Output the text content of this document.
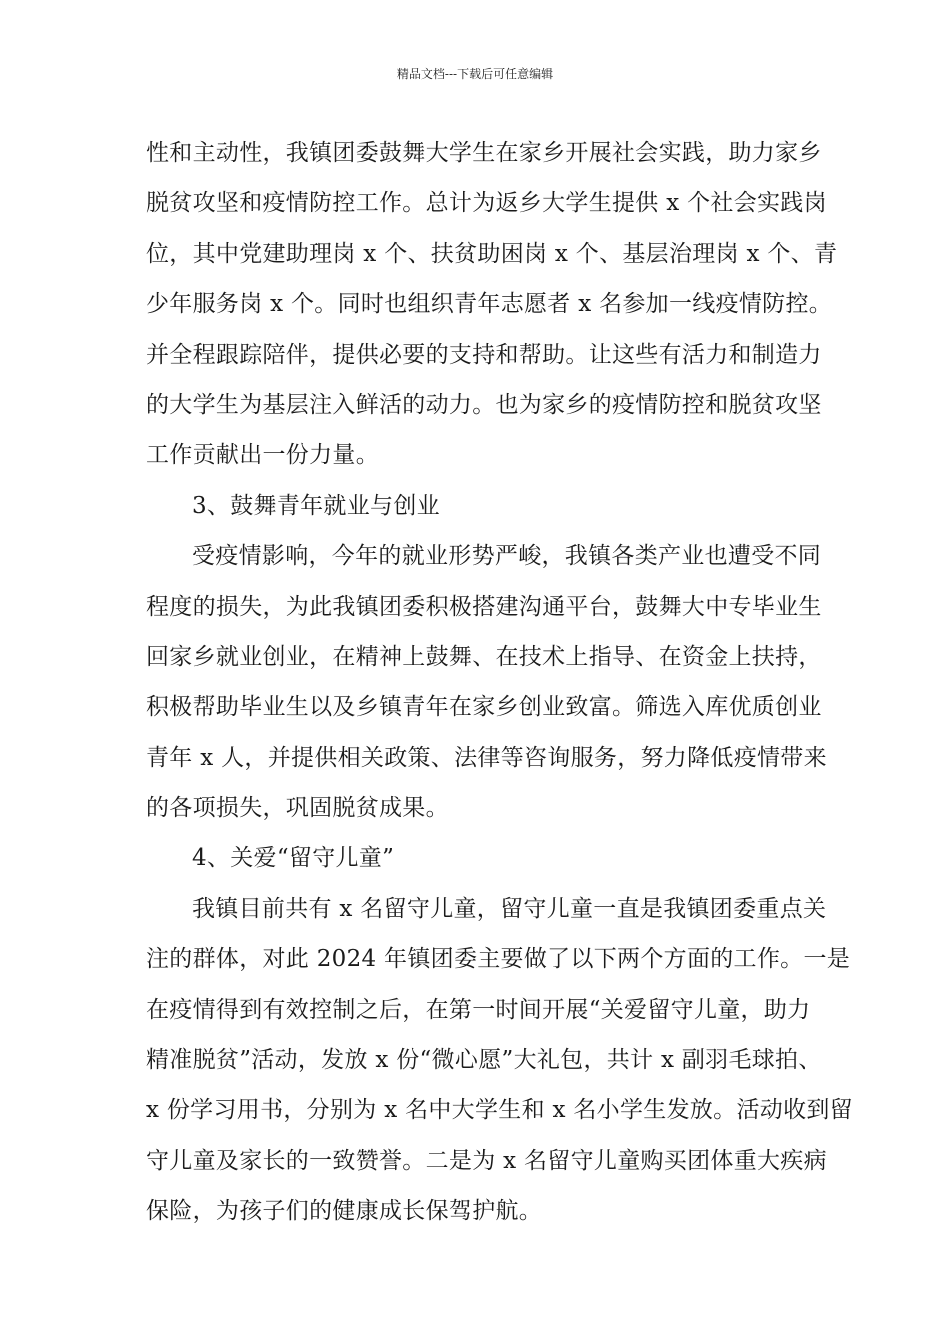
精品文档---下载后可任意编辑
性和主动性，我镇团委鼓舞大学生在家乡开展社会实践，助力家乡
脱贫攻坚和疫情防控工作。总计为返乡大学生提供 x 个社会实践岗
位，其中党建助理岗 x 个、扶贫助困岗 x 个、基层治理岗 x 个、青
少年服务岗 x 个。同时也组织青年志愿者 x 名参加一线疫情防控。
并全程跟踪陪伴，提供必要的支持和帮助。让这些有活力和制造力
的大学生为基层注入鲜活的动力。也为家乡的疫情防控和脱贫攻坚
工作贡献出一份力量。
3、鼓舞青年就业与创业
受疫情影响，今年的就业形势严峻，我镇各类产业也遭受不同
程度的损失，为此我镇团委积极搭建沟通平台，鼓舞大中专毕业生
回家乡就业创业，在精神上鼓舞、在技术上指导、在资金上扶持，
积极帮助毕业生以及乡镇青年在家乡创业致富。筛选入库优质创业
青年 x 人，并提供相关政策、法律等咨询服务，努力降低疫情带来
的各项损失，巩固脱贫成果。
4、关爱“留守儿童”
我镇目前共有 x 名留守儿童，留守儿童一直是我镇团委重点关
注的群体，对此 2024 年镇团委主要做了以下两个方面的工作。一是
在疫情得到有效控制之后，在第一时间开展“关爱留守儿童，助力
精准脱贫”活动，发放 x 份“微心愿”大礼包，共计 x 副羽毛球拍、
x 份学习用书，分别为 x 名中大学生和 x 名小学生发放。活动收到留
守儿童及家长的一致赞誉。二是为 x 名留守儿童购买团体重大疾病
保险，为孩子们的健康成长保驾护航。
